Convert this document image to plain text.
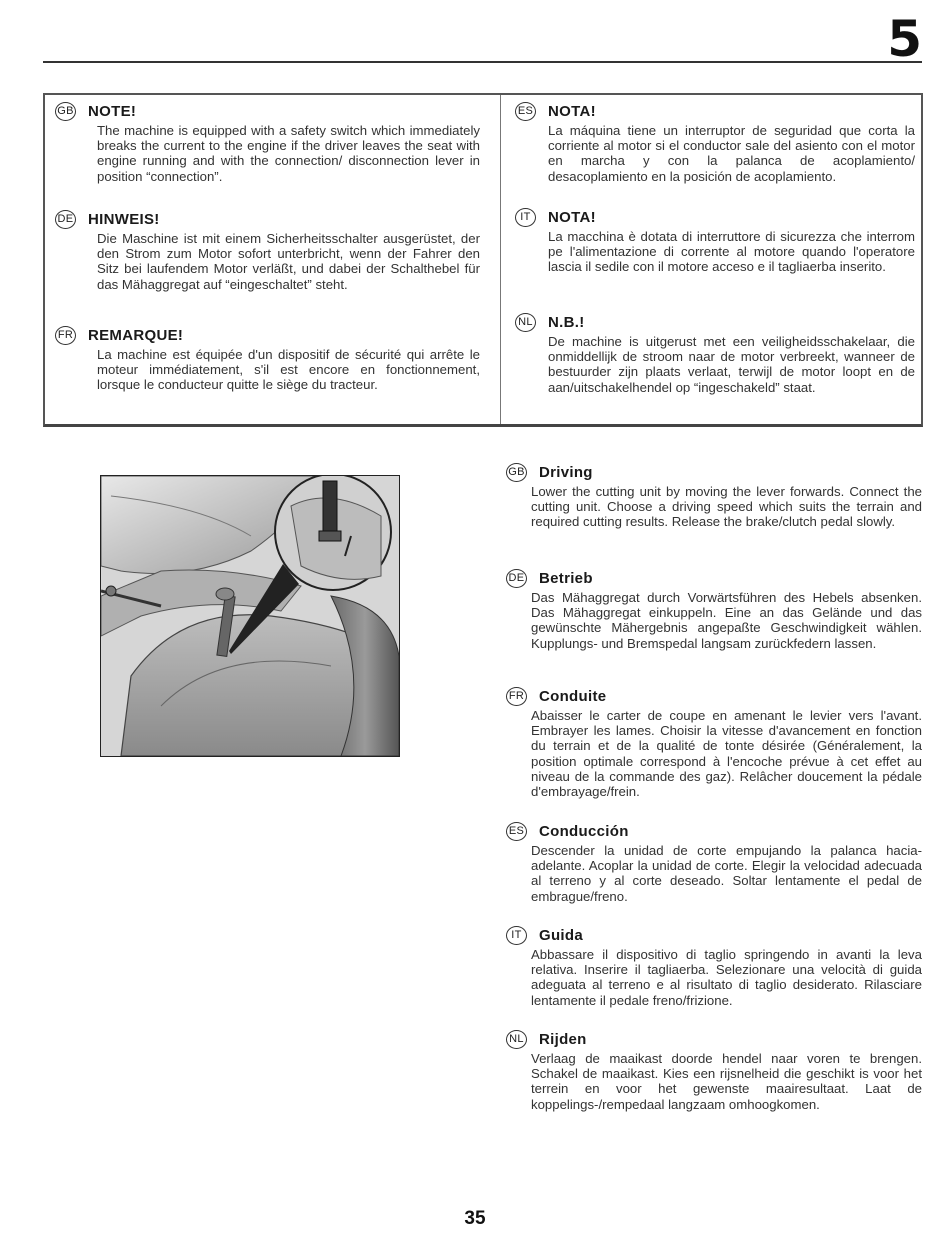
5
GB NOTE!

The machine is equipped with a safety switch which immediately breaks the current to the engine if the driver leaves the seat with engine running and with the connection/ disconnection lever in position “connection”.

DE HINWEIS!

Die Maschine ist mit einem Sicherheitsschalter ausgerüstet, der den Strom zum Motor sofort unterbricht, wenn der Fahrer den Sitz bei laufendem Motor verläßt, und dabei der Schalthebel für das Mähaggregat auf “eingeschaltet” steht.

FR REMARQUE!

La machine est équipée d'un dispositif de sécurité qui arrête le moteur immédiatement, s'il est encore en fonctionnement, lorsque le conducteur quitte le siège du tracteur.

ES NOTA!

La máquina tiene un interruptor de seguridad que corta la corriente al motor si el conductor sale del asiento con el motor en marcha y con la palanca de acoplamiento/ desacoplamiento en la posición de acoplamiento.

IT	NOTA!

La macchina è dotata di interruttore di sicurezza che interrom pe l'alimentazione di corrente al motore quando l'operatore lascia il sedile con il motore acceso e il tagliaerba inserito.

NL N.B.!

De machine is uitgerust met een veiligheidsschakelaar, die onmiddellijk de stroom naar de motor verbreekt, wanneer de bestuurder zijn plaats verlaat, terwijl de motor loopt en de aan/uitschakelhendel op “ingeschakeld” staat.

GB Driving

Lower the cutting unit by moving the lever forwards. Connect the cutting unit. Choose a driving speed which suits the terrain and required cutting results. Release the brake/clutch pedal slowly.

DE Betrieb

Das Mähaggregat durch Vorwärtsführen des Hebels absenken. Das Mähaggregat einkuppeln. Eine an das Gelände und das gewünschte Mähergebnis angepaßte Geschwindigkeit wählen. Kupplungs- und Bremspedal langsam zurückfedern lassen.

FR Conduite

Abaisser le carter de coupe en amenant le levier vers l'avant. Embrayer les lames. Choisir la vitesse d'avancement en fonction du terrain et de la qualité de tonte désirée (Généralement, la position optimale correspond à l'encoche prévue à cet effet au niveau de la commande des gaz). Relâcher doucement la pédale d'embrayage/frein.

ES Conducción

Descender la unidad de corte empujando la palanca hacia-adelante. Acoplar la unidad de corte. Elegir la velocidad adecuada al terreno y al corte deseado. Soltar lentamente el pedal de embrague/freno.

IT	Guida

Abbassare il dispositivo di taglio springendo in avanti la leva relativa. Inserire il tagliaerba. Selezionare una velocità di guida adeguata al terreno e al risultato di taglio desiderato. Rilasciare lentamente il pedale freno/frizione.

NL Rijden

Verlaag de maaikast doorde hendel naar voren te brengen. Schakel de maaikast. Kies een rijsnelheid die geschikt is voor het terrein en voor het gewenste maairesultaat. Laat de koppelings-/rempedaal langzaam omhoogkomen.

35
